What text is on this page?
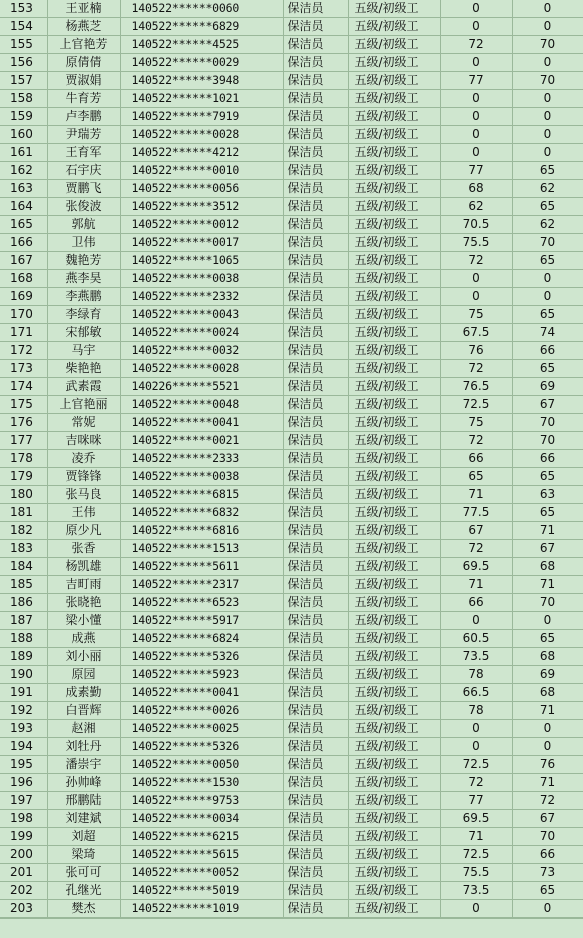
153	王亚楠	140522******0060	保洁员	五级/初级工	0	0
154	杨燕芝	140522******6829	保洁员	五级/初级工	0	0
155	上官艳芳	140522******4525	保洁员	五级/初级工	72	70
156	原倩倩	140522******0029	保洁员	五级/初级工	0	0
157	贾淑娟	140522******3948	保洁员	五级/初级工	77	70
158	牛育芳	140522******1021	保洁员	五级/初级工	0	0
159	卢李鹏	140522******7919	保洁员	五级/初级工	0	0
160	尹瑞芳	140522******0028	保洁员	五级/初级工	0	0
161	王育军	140522******4212	保洁员	五级/初级工	0	0
162	石宇庆	140522******0010	保洁员	五级/初级工	77	65
163	贾鹏飞	140522******0056	保洁员	五级/初级工	68	62
164	张俊波	140522******3512	保洁员	五级/初级工	62	65
165	郭航	140522******0012	保洁员	五级/初级工	70.5	62
166	卫伟	140522******0017	保洁员	五级/初级工	75.5	70
167	魏艳芳	140522******1065	保洁员	五级/初级工	72	65
168	燕李昊	140522******0038	保洁员	五级/初级工	0	0
169	李燕鹏	140522******2332	保洁员	五级/初级工	0	0
170	李绿育	140522******0043	保洁员	五级/初级工	75	65
171	宋郁敏	140522******0024	保洁员	五级/初级工	67.5	74
172	马宇	140522******0032	保洁员	五级/初级工	76	66
173	柴艳艳	140522******0028	保洁员	五级/初级工	72	65
174	武素霞	140226******5521	保洁员	五级/初级工	76.5	69
175	上官艳丽	140522******0048	保洁员	五级/初级工	72.5	67
176	常妮	140522******0041	保洁员	五级/初级工	75	70
177	吉咪咪	140522******0021	保洁员	五级/初级工	72	70
178	凌乔	140522******2333	保洁员	五级/初级工	66	66
179	贾锋锋	140522******0038	保洁员	五级/初级工	65	65
180	张马良	140522******6815	保洁员	五级/初级工	71	63
181	王伟	140522******6832	保洁员	五级/初级工	77.5	65
182	原少凡	140522******6816	保洁员	五级/初级工	67	71
183	张香	140522******1513	保洁员	五级/初级工	72	67
184	杨凯雄	140522******5611	保洁员	五级/初级工	69.5	68
185	吉町雨	140522******2317	保洁员	五级/初级工	71	71
186	张晓艳	140522******6523	保洁员	五级/初级工	66	70
187	梁小懂	140522******5917	保洁员	五级/初级工	0	0
188	成燕	140522******6824	保洁员	五级/初级工	60.5	65
189	刘小丽	140522******5326	保洁员	五级/初级工	73.5	68
190	原园	140522******5923	保洁员	五级/初级工	78	69
191	成素勤	140522******0041	保洁员	五级/初级工	66.5	68
192	白晋辉	140522******0026	保洁员	五级/初级工	78	71
193	赵湘	140522******0025	保洁员	五级/初级工	0	0
194	刘牡丹	140522******5326	保洁员	五级/初级工	0	0
195	潘崇宇	140522******0050	保洁员	五级/初级工	72.5	76
196	孙帅峰	140522******1530	保洁员	五级/初级工	72	71
197	邢鹏陆	140522******9753	保洁员	五级/初级工	77	72
198	刘建斌	140522******0034	保洁员	五级/初级工	69.5	67
199	刘超	140522******6215	保洁员	五级/初级工	71	70
200	梁琦	140522******5615	保洁员	五级/初级工	72.5	66
201	张可可	140522******0052	保洁员	五级/初级工	75.5	73
202	孔继光	140522******5019	保洁员	五级/初级工	73.5	65
203	樊杰	140522******1019	保洁员	五级/初级工	0	0
